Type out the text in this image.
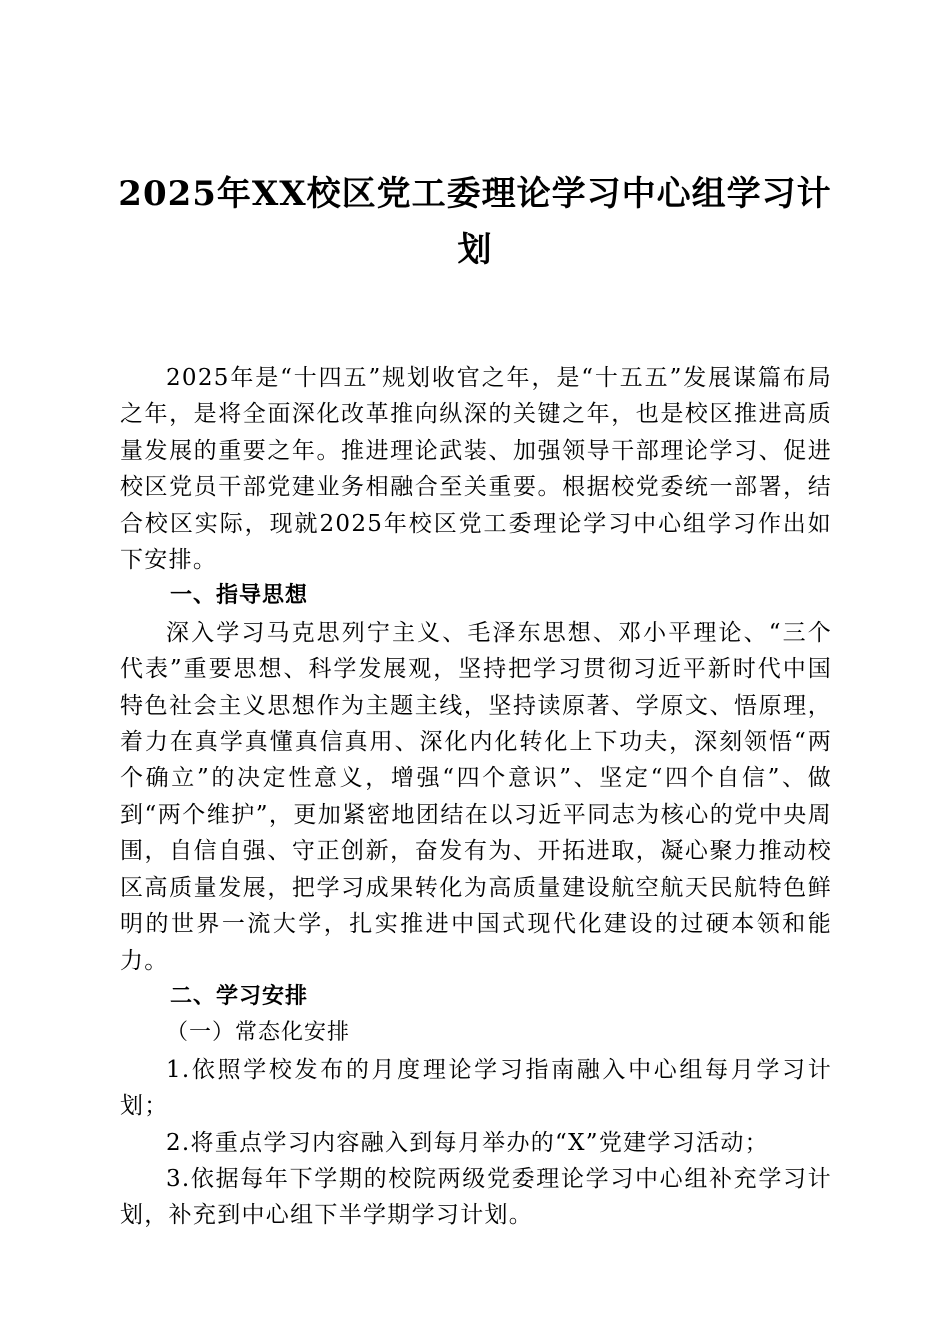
2025年XX校区党工委理论学习中心组学习计划

2025年是“十四五”规划收官之年，是“十五五”发展谋篇布局之年，是将全面深化改革推向纵深的关键之年，也是校区推进高质量发展的重要之年。推进理论武装、加强领导干部理论学习、促进校区党员干部党建业务相融合至关重要。根据校党委统一部署，结合校区实际，现就2025年校区党工委理论学习中心组学习作出如下安排。

一、指导思想

深入学习马克思列宁主义、毛泽东思想、邓小平理论、“三个代表”重要思想、科学发展观，坚持把学习贯彻习近平新时代中国特色社会主义思想作为主题主线，坚持读原著、学原文、悟原理，着力在真学真懂真信真用、深化内化转化上下功夫，深刻领悟“两个确立”的决定性意义，增强“四个意识”、坚定“四个自信”、做到“两个维护”，更加紧密地团结在以习近平同志为核心的党中央周围，自信自强、守正创新，奋发有为、开拓进取，凝心聚力推动校区高质量发展，把学习成果转化为高质量建设航空航天民航特色鲜明的世界一流大学，扎实推进中国式现代化建设的过硬本领和能力。

二、学习安排

（一）常态化安排

1.依照学校发布的月度理论学习指南融入中心组每月学习计划；

2.将重点学习内容融入到每月举办的“X”党建学习活动；

3.依据每年下学期的校院两级党委理论学习中心组补充学习计划，补充到中心组下半学期学习计划。
